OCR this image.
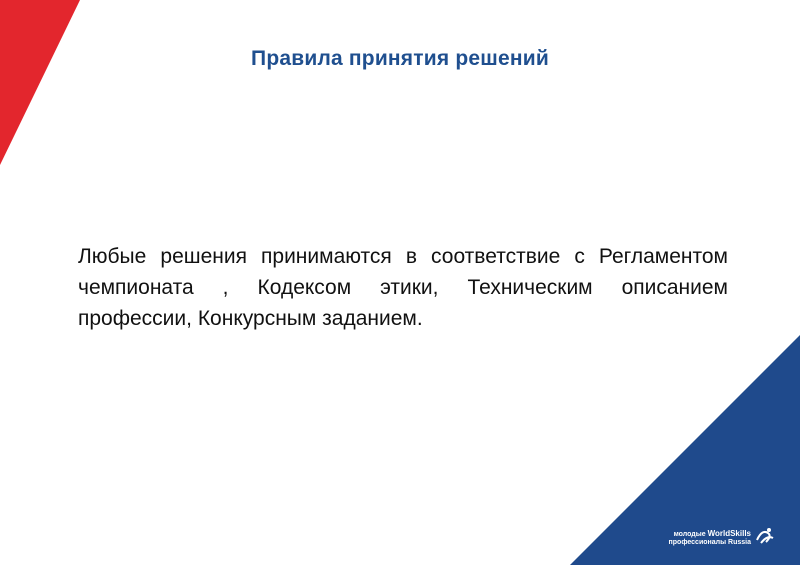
Правила принятия решений
Любые решения принимаются в соответствие с Регламентом чемпионата , Кодексом этики, Техническим описанием профессии, Конкурсным заданием.
молодые WorldSkills
профессионалы Russia
